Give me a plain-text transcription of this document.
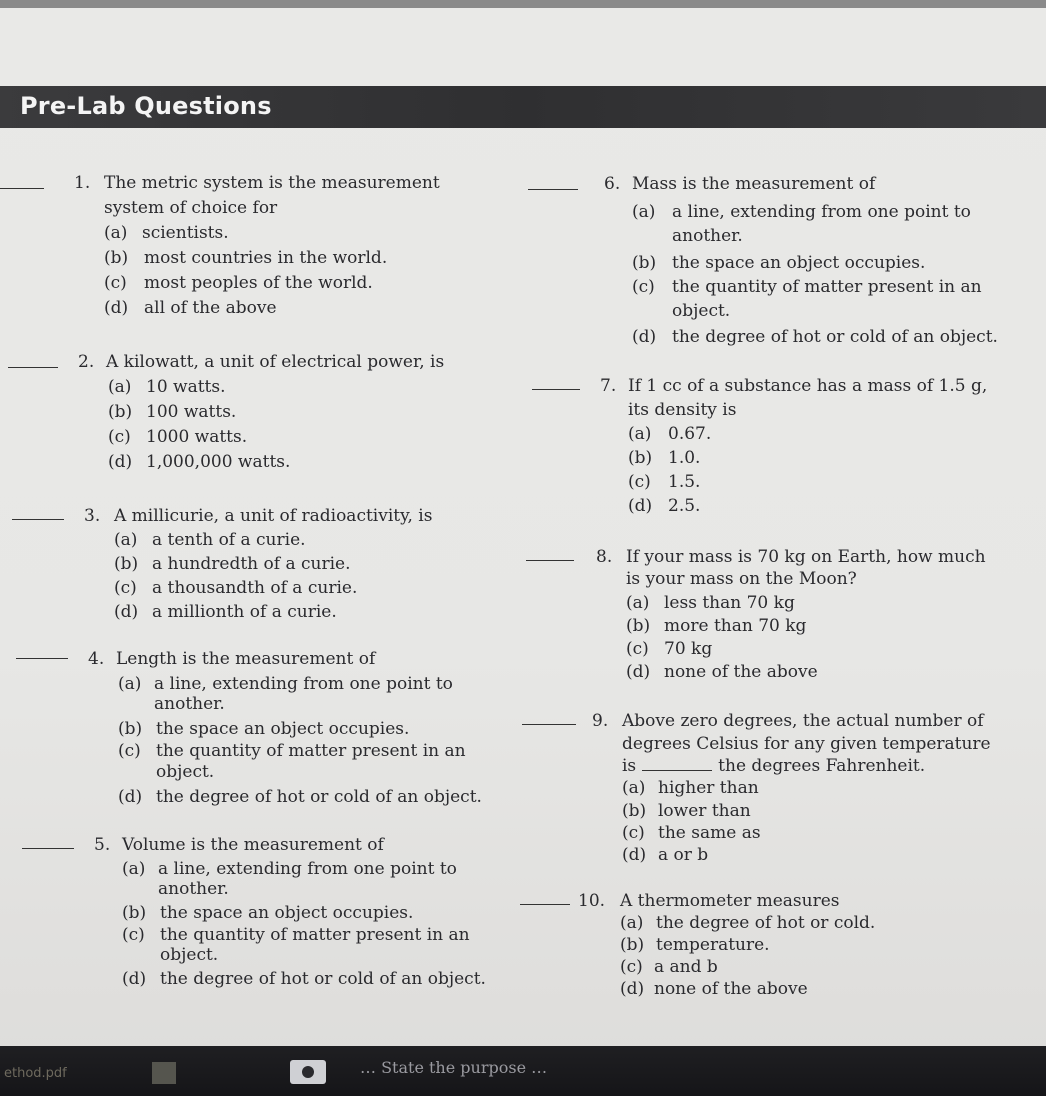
Pre-Lab Questions
1. The metric system is the measurement
system of choice for
(a) scientists.
(b) most countries in the world.
(c) most peoples of the world.
(d) all of the above
2. A kilowatt, a unit of electrical power, is
(a) 10 watts.
(b) 100 watts.
(c) 1000 watts.
(d) 1,000,000 watts.
3. A millicurie, a unit of radioactivity, is
(a) a tenth of a curie.
(b) a hundredth of a curie.
(c) a thousandth of a curie.
(d) a millionth of a curie.
4. Length is the measurement of
(a) a line, extending from one point to
another.
(b) the space an object occupies.
(c) the quantity of matter present in an
object.
(d) the degree of hot or cold of an object.
5. Volume is the measurement of
(a) a line, extending from one point to
another.
(b) the space an object occupies.
(c) the quantity of matter present in an
object.
(d) the degree of hot or cold of an object.
6. Mass is the measurement of
(a) a line, extending from one point to
another.
(b) the space an object occupies.
(c) the quantity of matter present in an
object.
(d) the degree of hot or cold of an object.
7. If 1 cc of a substance has a mass of 1.5 g,
its density is
(a) 0.67.
(b) 1.0.
(c) 1.5.
(d) 2.5.
8. If your mass is 70 kg on Earth, how much
is your mass on the Moon?
(a) less than 70 kg
(b) more than 70 kg
(c) 70 kg
(d) none of the above
9. Above zero degrees, the actual number of
degrees Celsius for any given temperature
is	the degrees Fahrenheit.
(a) higher than
(b) lower than
(c) the same as
(d) a or b
10. A thermometer measures
(a) the degree of hot or cold.
(b) temperature.
(c) a and b
(d) none of the above
ethod.pdf	… State the purpose …
